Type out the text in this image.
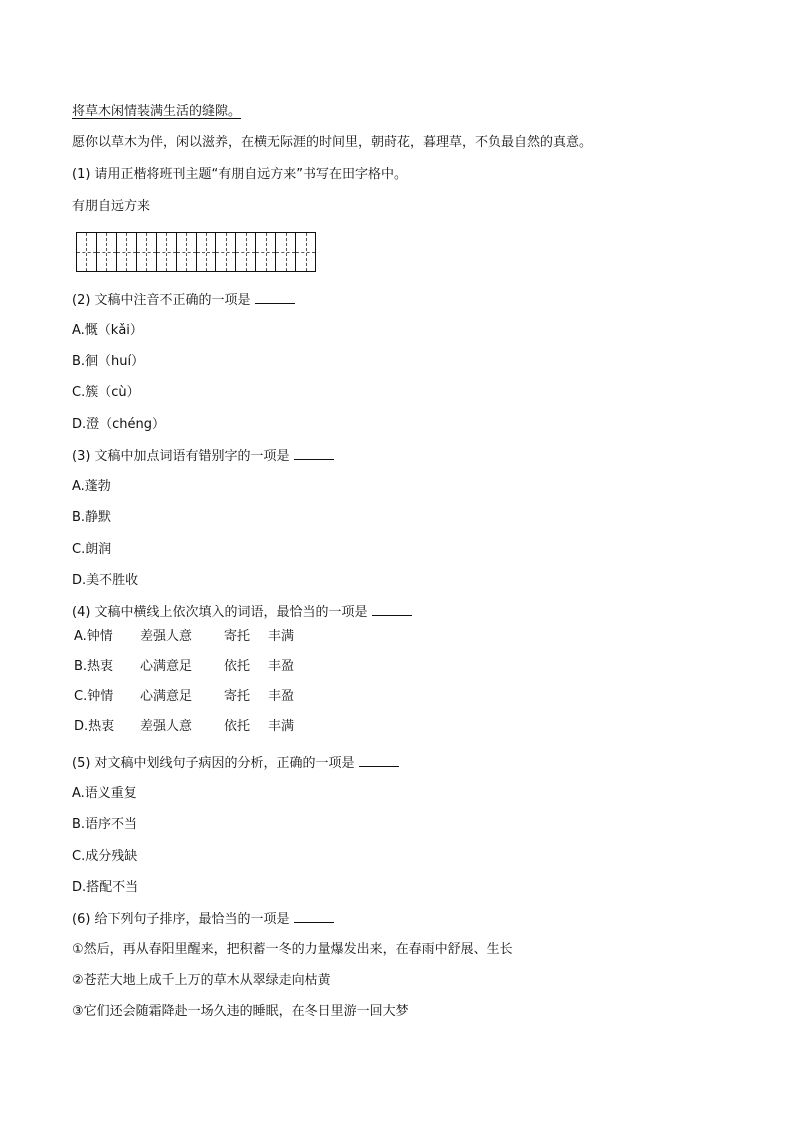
将草木闲情装满生活的缝隙。
愿你以草木为伴，闲以滋养，在横无际涯的时间里，朝莳花，暮理草，不负最自然的真意。
(1) 请用正楷将班刊主题“有朋自远方来”书写在田字格中。
有朋自远方来
(2) 文稿中注音不正确的一项是
A.慨（kǎi）
B.徊（huí）
C.簇（cù）
D.澄（chéng）
(3) 文稿中加点词语有错别字的一项是
A.蓬勃
B.静默
C.朗润
D.美不胜收
(4) 文稿中横线上依次填入的词语，最恰当的一项是
A.钟情 差强人意 寄托 丰满
B.热衷 心满意足 依托 丰盈
C.钟情 心满意足 寄托 丰盈
D.热衷 差强人意 依托 丰满
(5) 对文稿中划线句子病因的分析，正确的一项是
A.语义重复
B.语序不当
C.成分残缺
D.搭配不当
(6) 给下列句子排序，最恰当的一项是
①然后，再从春阳里醒来，把积蓄一冬的力量爆发出来，在春雨中舒展、生长
②苍茫大地上成千上万的草木从翠绿走向枯黄
③它们还会随霜降赴一场久违的睡眠，在冬日里游一回大梦
